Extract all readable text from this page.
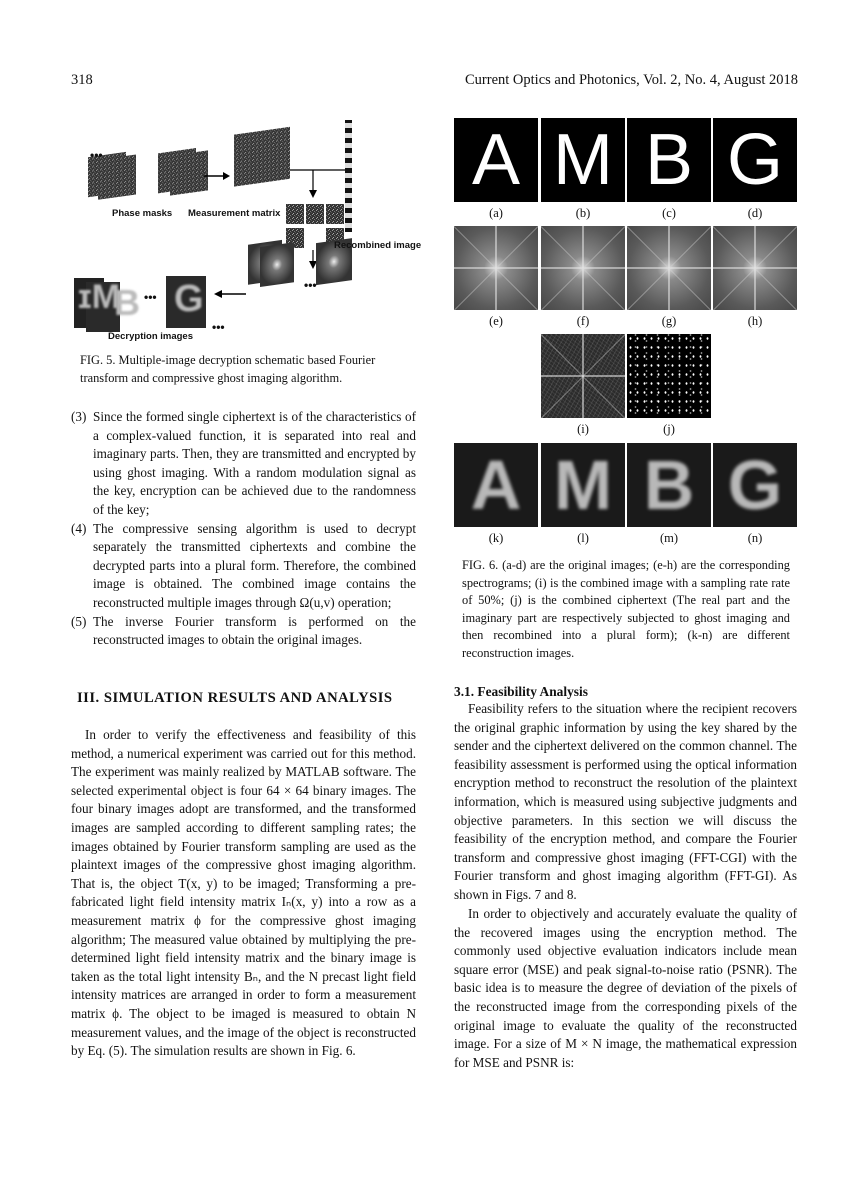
318	Current Optics and Photonics, Vol. 2, No. 4, August 2018
•••
•••
•••
•••
Phase masks Measurement matrix
Recombined image
Decryption images
ɪM
B G
FIG. 5. Multiple-image decryption schematic based Fourier transform and compressive ghost imaging algorithm.
(3) Since the formed single ciphertext is of the characteristics of a complex-valued function, it is separated into real and imaginary parts. Then, they are transmitted and encrypted by using ghost imaging. With a random modulation signal as the key, encryption can be achieved due to the randomness of the key;
(4) The compressive sensing algorithm is used to decrypt separately the transmitted ciphertexts and combine the decrypted parts into a plural form. Therefore, the combined image is obtained. The combined image contains the reconstructed multiple images through Ω(u,v) operation;
(5) The inverse Fourier transform is performed on the reconstructed images to obtain the original images.
III. SIMULATION RESULTS AND ANALYSIS
In order to verify the effectiveness and feasibility of this method, a numerical experiment was carried out for this method. The experiment was mainly realized by MATLAB software. The selected experimental object is four 64 × 64 binary images. The four binary images adopt are transformed, and the transformed images are sampled according to different sampling rates; the images obtained by Fourier transform sampling are used as the plaintext images of the compressive ghost imaging algorithm. That is, the object T(x, y) to be imaged; Transforming a pre-fabricated light field intensity matrix Iₙ(x, y) into a row as a measurement matrix ϕ for the compressive ghost imaging algorithm; The measured value obtained by multiplying the pre-determined light field intensity matrix and the binary image is taken as the total light intensity Bₙ, and the N precast light field intensity matrices are arranged in order to form a measurement matrix ϕ. The object to be imaged is measured to obtain N measurement values, and the image of the object is reconstructed by Eq. (5). The simulation results are shown in Fig. 6.
A M B G
(a)	(b)	(c)	(d)
(e)	(f)	(g)	(h)
(i)	(j)
A M B G
(k)	(l)	(m)	(n)
FIG. 6. (a-d) are the original images; (e-h) are the corresponding spectrograms; (i) is the combined image with a sampling rate rate of 50%; (j) is the combined ciphertext (The real part and the imaginary part are respectively subjected to ghost imaging and then recombined into a plural form); (k-n) are different reconstruction images.
3.1. Feasibility Analysis
Feasibility refers to the situation where the recipient recovers the original graphic information by using the key shared by the sender and the ciphertext delivered on the common channel. The feasibility assessment is performed using the optical information encryption method to reconstruct the resolution of the plaintext information, which is measured using subjective judgments and objective parameters. In this section we will discuss the feasibility of the encryption method, and compare the Fourier transform and compressive ghost imaging (FFT-CGI) with the Fourier transform and ghost imaging algorithm (FFT-GI). As shown in Figs. 7 and 8.
In order to objectively and accurately evaluate the quality of the recovered images using the encryption method. The commonly used objective evaluation indicators include mean square error (MSE) and peak signal-to-noise ratio (PSNR). The basic idea is to measure the degree of deviation of the pixels of the reconstructed image from the corresponding pixels of the original image to evaluate the quality of the reconstructed image. For a size of M × N image, the mathematical expression for MSE and PSNR is:
